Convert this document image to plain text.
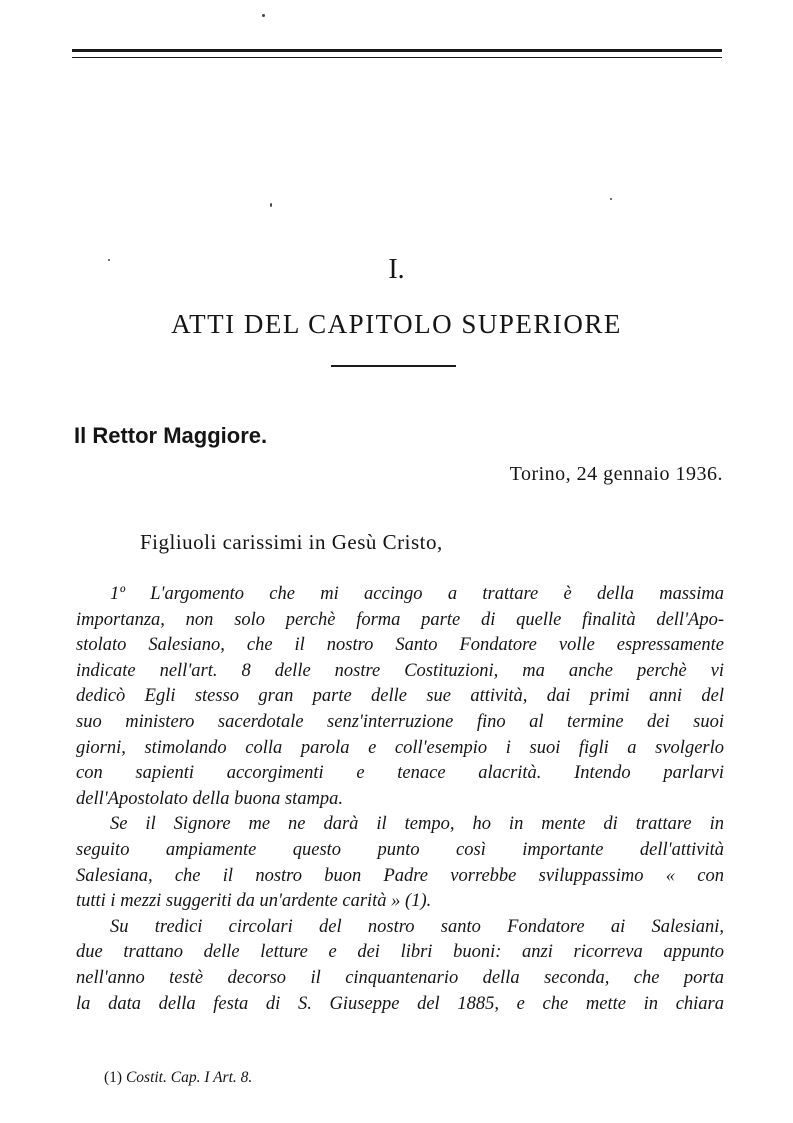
I.
ATTI DEL CAPITOLO SUPERIORE
Il Rettor Maggiore.
Torino, 24 gennaio 1936.
Figliuoli carissimi in Gesù Cristo,
1º L'argomento che mi accingo a trattare è della massima
importanza, non solo perchè forma parte di quelle finalità dell'Apo-
stolato Salesiano, che il nostro Santo Fondatore volle espressamente
indicate nell'art. 8 delle nostre Costituzioni, ma anche perchè vi
dedicò Egli stesso gran parte delle sue attività, dai primi anni del
suo ministero sacerdotale senz'interruzione fino al termine dei suoi
giorni, stimolando colla parola e coll'esempio i suoi figli a svolgerlo
con sapienti accorgimenti e tenace alacrità. Intendo parlarvi
dell'Apostolato della buona stampa.
Se il Signore me ne darà il tempo, ho in mente di trattare in
seguito ampiamente questo punto così importante dell'attività
Salesiana, che il nostro buon Padre vorrebbe sviluppassimo « con
tutti i mezzi suggeriti da un'ardente carità » (1).
Su tredici circolari del nostro santo Fondatore ai Salesiani,
due trattano delle letture e dei libri buoni: anzi ricorreva appunto
nell'anno testè decorso il cinquantenario della seconda, che porta
la data della festa di S. Giuseppe del 1885, e che mette in chiara
(1) Costit. Cap. I Art. 8.
